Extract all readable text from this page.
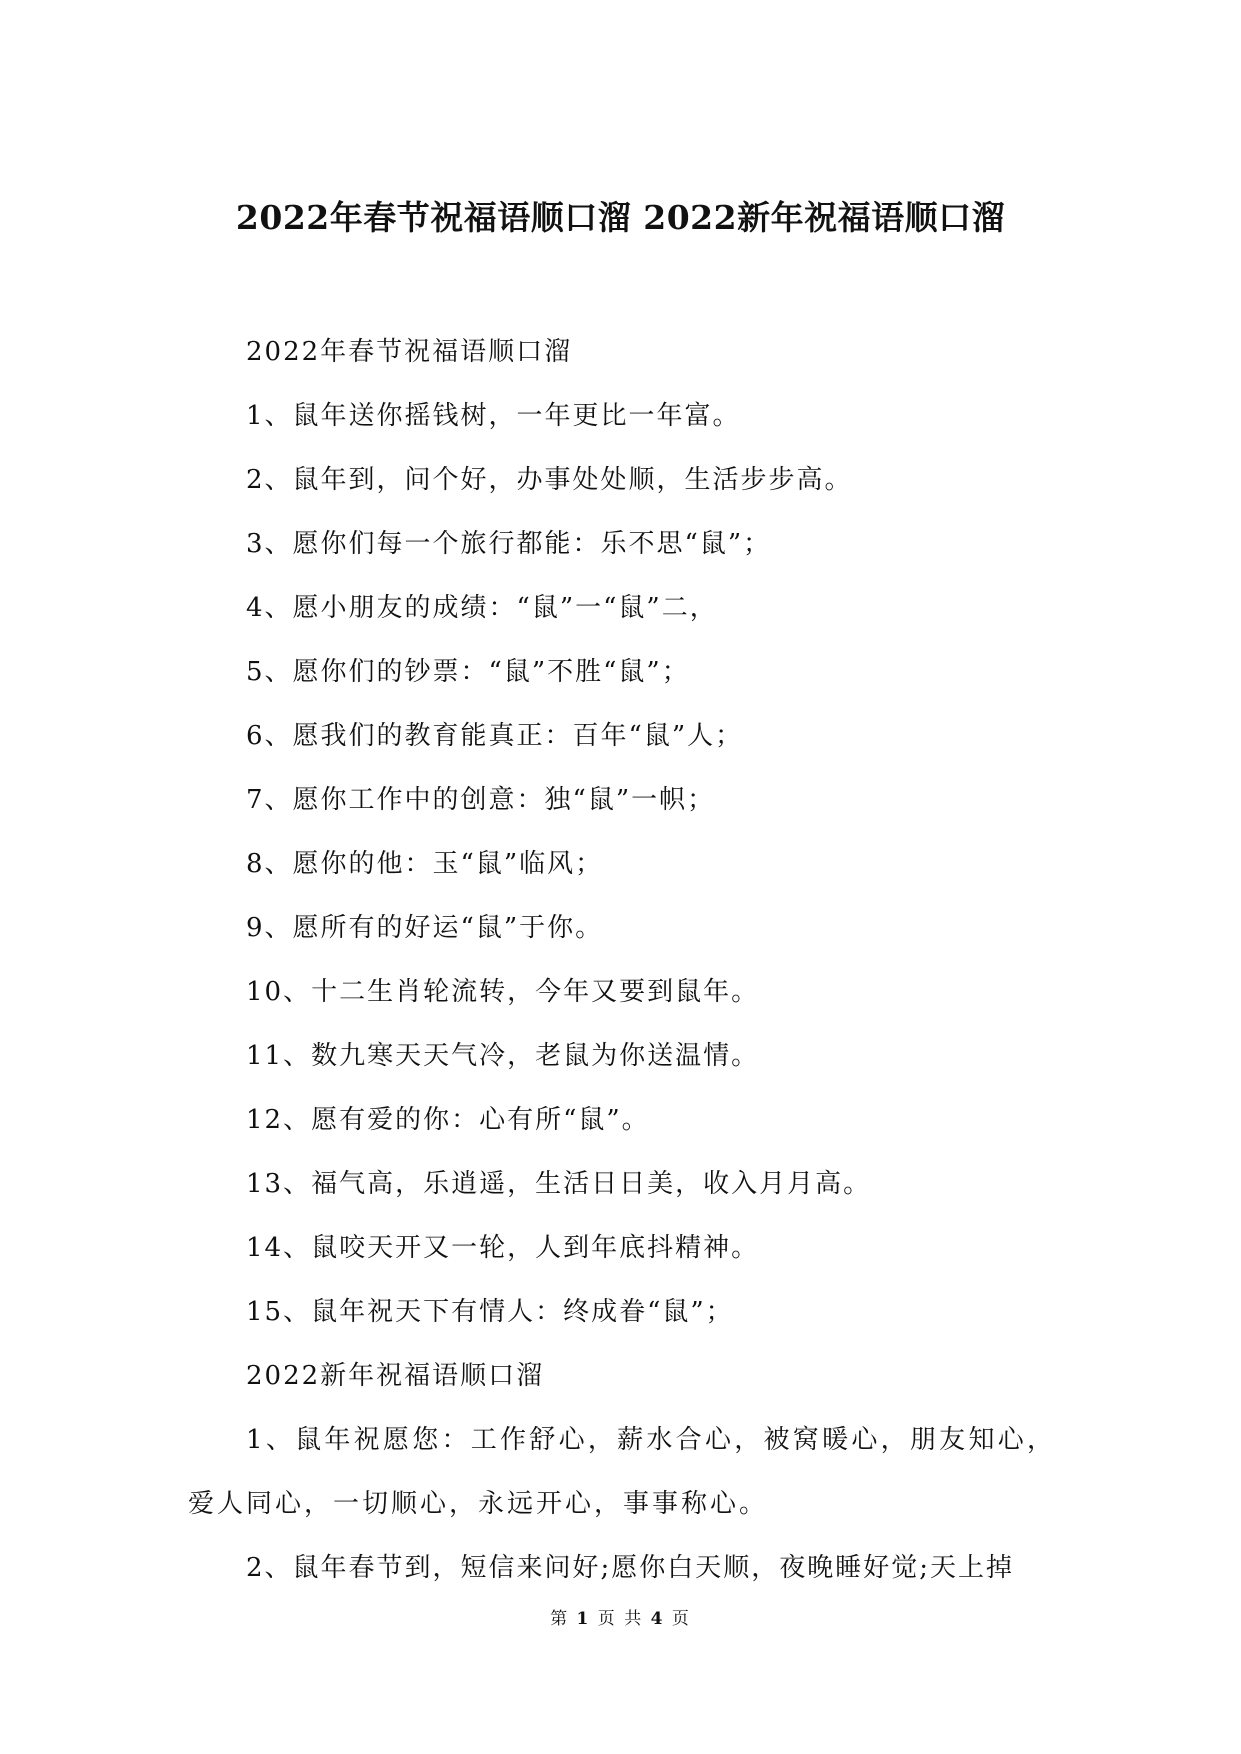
2022年春节祝福语顺口溜 2022新年祝福语顺口溜

2022年春节祝福语顺口溜

1、鼠年送你摇钱树，一年更比一年富。

2、鼠年到，问个好，办事处处顺，生活步步高。

3、愿你们每一个旅行都能：乐不思“鼠”；

4、愿小朋友的成绩：“鼠”一“鼠”二，

5、愿你们的钞票：“鼠”不胜“鼠”；

6、愿我们的教育能真正：百年“鼠”人；

7、愿你工作中的创意：独“鼠”一帜；

8、愿你的他：玉“鼠”临风；

9、愿所有的好运“鼠”于你。

10、十二生肖轮流转，今年又要到鼠年。

11、数九寒天天气冷，老鼠为你送温情。

12、愿有爱的你：心有所“鼠”。

13、福气高，乐逍遥，生活日日美，收入月月高。

14、鼠咬天开又一轮，人到年底抖精神。

15、鼠年祝天下有情人：终成眷“鼠”；

2022新年祝福语顺口溜

1、鼠年祝愿您：工作舒心，薪水合心，被窝暖心，朋友知心，爱人同心，一切顺心，永远开心，事事称心。

2、鼠年春节到，短信来问好;愿你白天顺，夜晚睡好觉;天上掉

第 1 页 共 4 页
